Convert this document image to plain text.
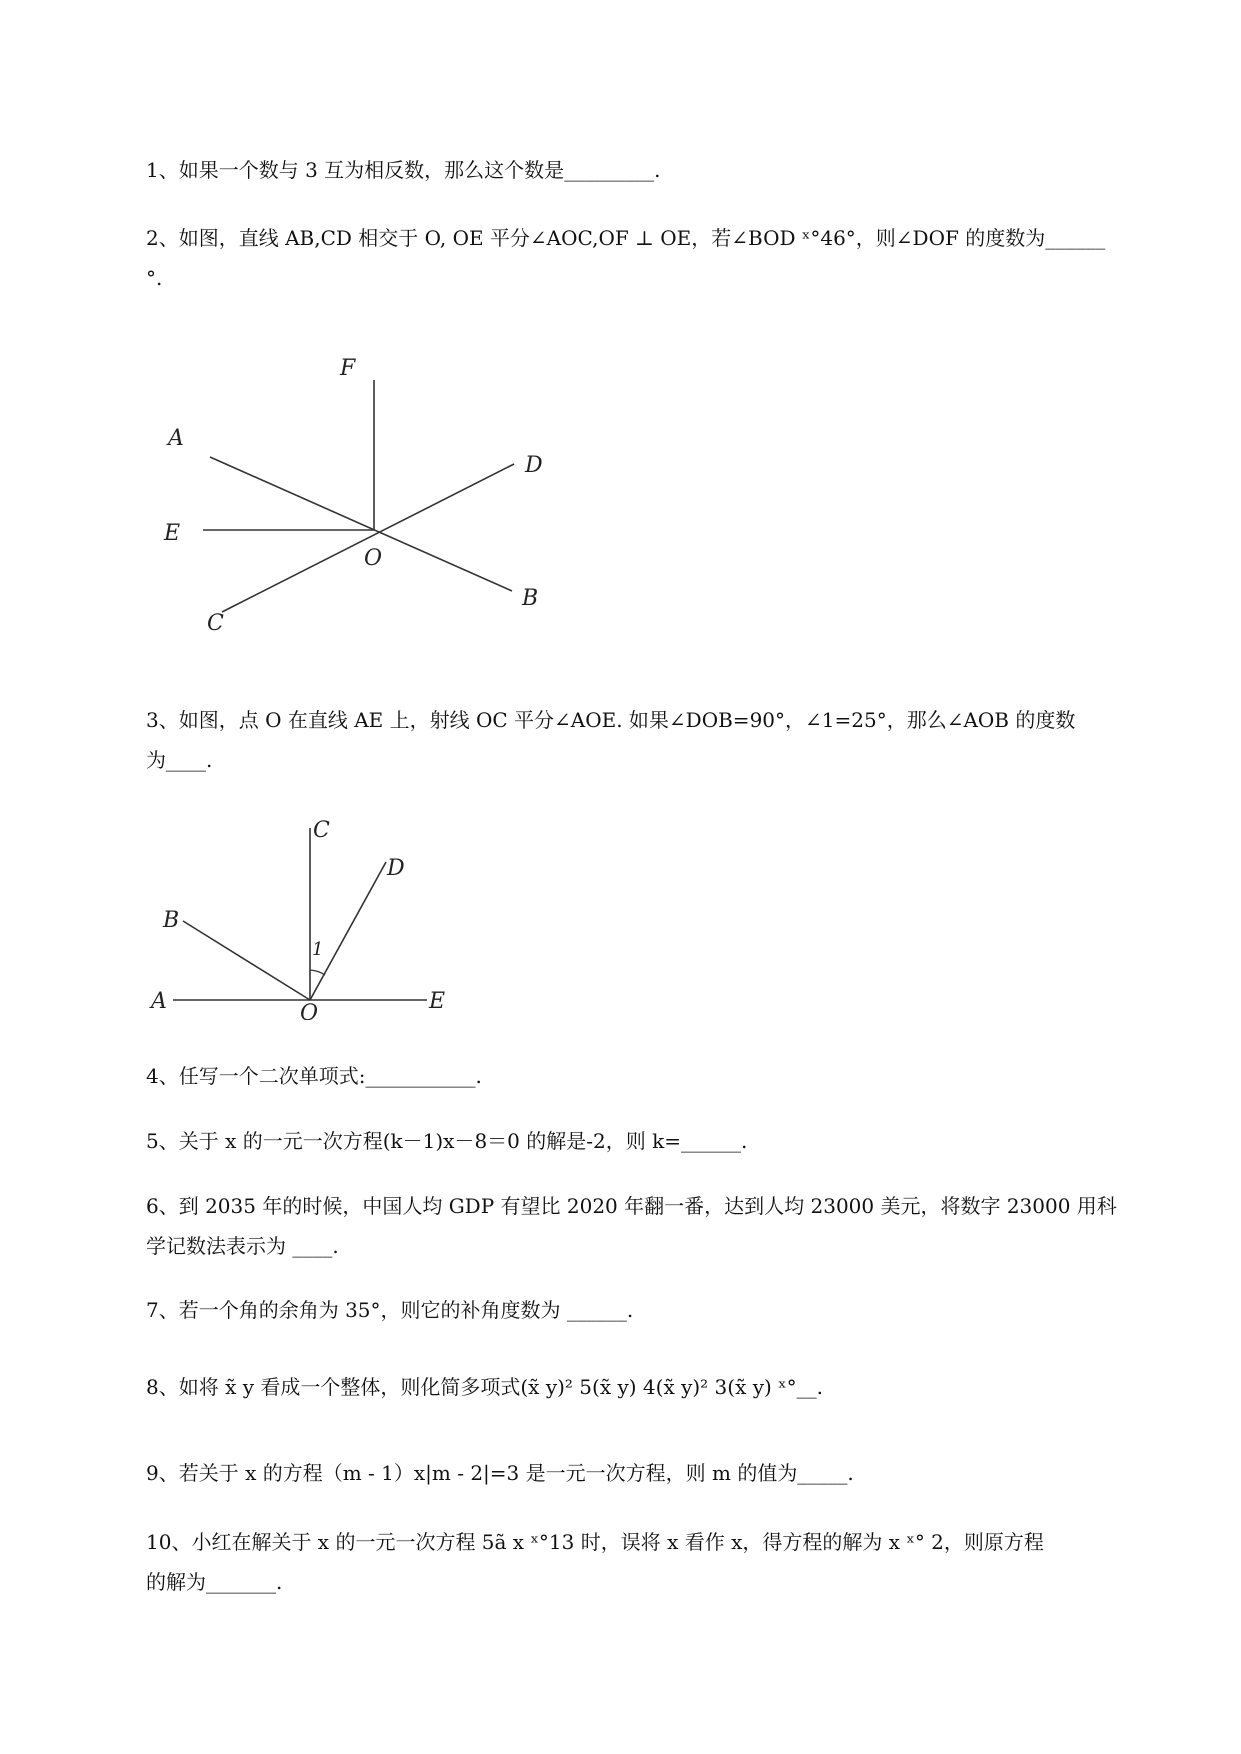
1、如果一个数与 3 互为相反数，那么这个数是_________.
2、如图，直线 AB,CD 相交于 O, OE 平分∠AOC,OF ⊥ OE，若∠BOD ˣ°46°，则∠DOF 的度数为______
°.
F
A
D
E
O
B
C
3、如图，点 O 在直线 AE 上，射线 OC 平分∠AOE. 如果∠DOB=90°，∠1=25°，那么∠AOB 的度数
为____.
C
D
B
1
A	O	E
4、任写一个二次单项式:___________.
5、关于 x 的一元一次方程(k－1)x－8＝0 的解是-2，则 k=______.
6、到 2035 年的时候，中国人均 GDP 有望比 2020 年翻一番，达到人均 23000 美元，将数字 23000 用科
学记数法表示为 ____.
7、若一个角的余角为 35°，则它的补角度数为 ______.
8、如将 x̃ y 看成一个整体，则化简多项式(x̃ y)² 5(x̃ y) 4(x̃ y)² 3(x̃ y) ˣ°__.
9、若关于 x 的方程（m - 1）x|m - 2|=3 是一元一次方程，则 m 的值为_____.
10、小红在解关于 x 的一元一次方程 5ã x ˣ°13 时，误将 x 看作 x，得方程的解为 x ˣ° 2，则原方程
的解为_______.
